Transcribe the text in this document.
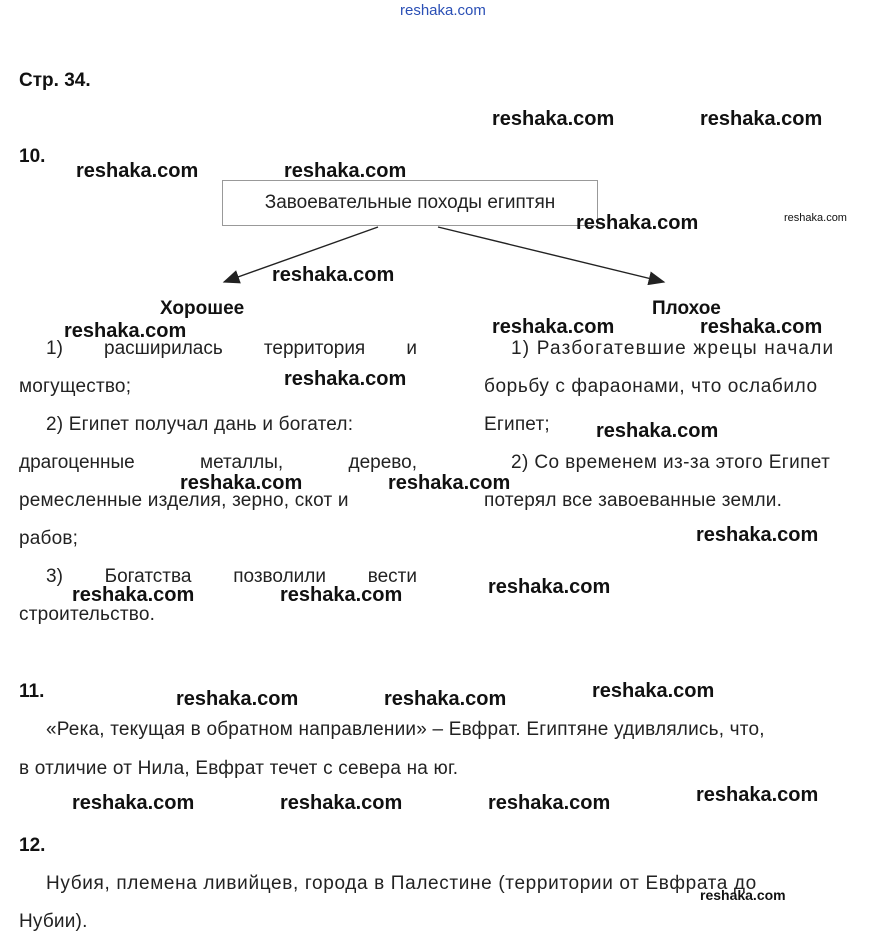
reshaka.com
Стр. 34.
10.
Завоевательные походы египтян
Хорошее	Плохое
1) расширилась территория и
могущество;
2) Египет получал дань и богател:
драгоценные	металлы,	дерево,
ремесленные изделия, зерно, скот и
рабов;
3) Богатства позволили вести
строительство.
1) Разбогатевшие жрецы начали
борьбу с фараонами, что ослабило
Египет;
2) Со временем из-за этого Египет
потерял все завоеванные земли.
11.
«Река, текущая в обратном направлении» – Евфрат. Египтяне удивлялись, что,
в отличие от Нила, Евфрат течет с севера на юг.
12.
Нубия, племена ливийцев, города в Палестине (территории от Евфрата до
Нубии).
reshaka.com	reshaka.com
reshaka.com	reshaka.com
reshaka.com	reshaka.com
reshaka.com
reshaka.com	reshaka.com	reshaka.com
reshaka.com
reshaka.com
reshaka.com	reshaka.com
reshaka.com
reshaka.com
reshaka.com	reshaka.com
reshaka.com
reshaka.com	reshaka.com
reshaka.com
reshaka.com	reshaka.com	reshaka.com
reshaka.com
